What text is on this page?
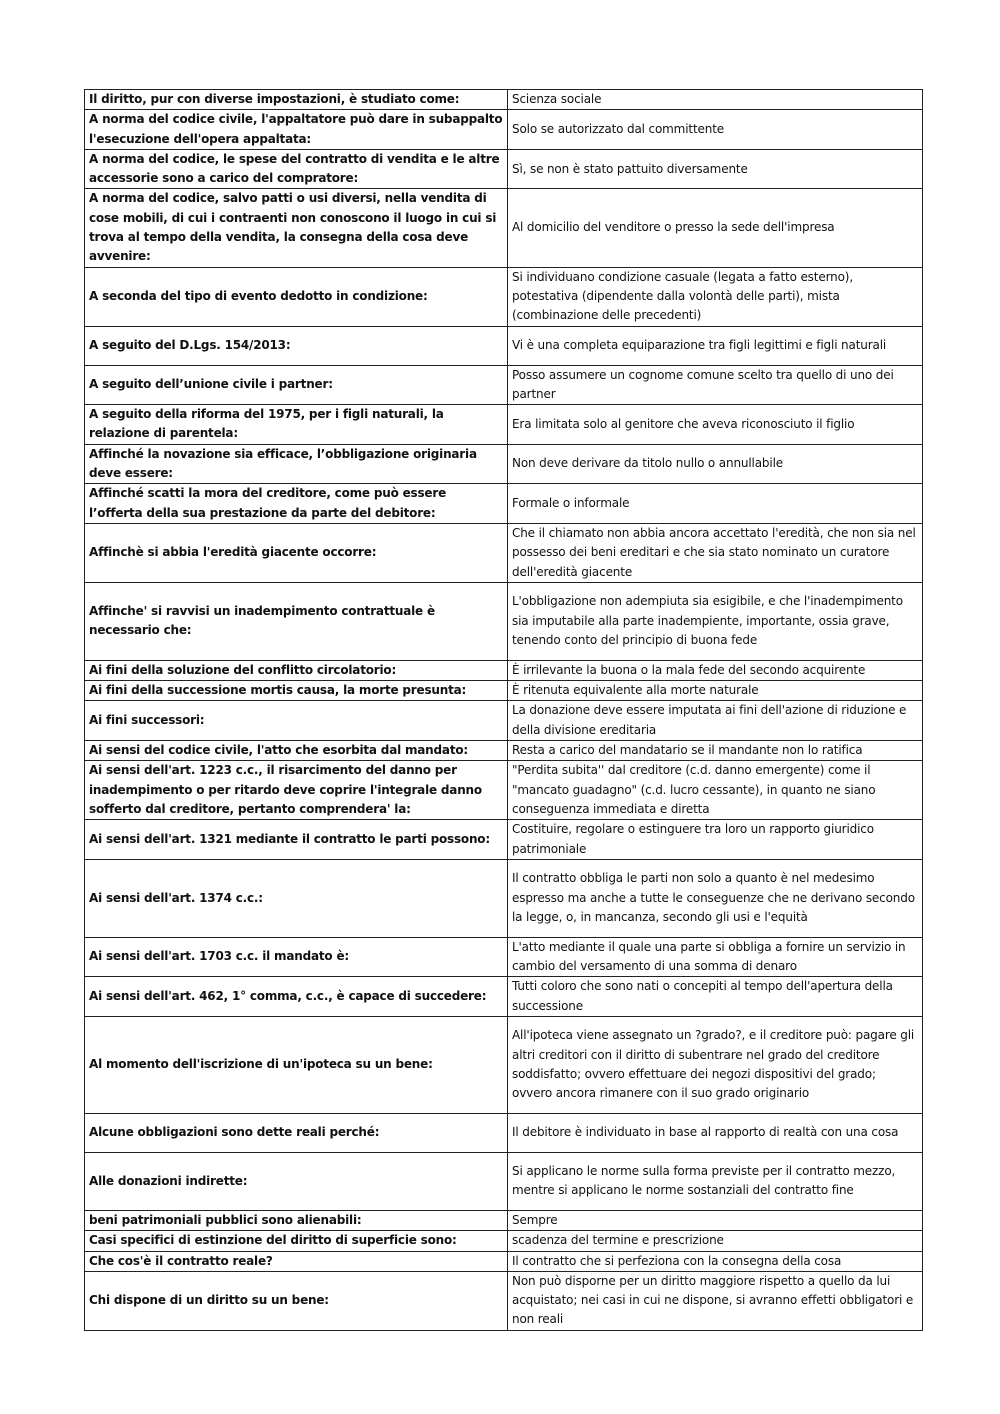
Il diritto, pur con diverse impostazioni, è studiato come:	Scienza sociale
A norma del codice civile, l'appaltatore può dare in subappalto l'esecuzione dell'opera appaltata:	Solo se autorizzato dal committente
A norma del codice, le spese del contratto di vendita e le altre accessorie sono a carico del compratore:	Sì, se non è stato pattuito diversamente
A norma del codice, salvo patti o usi diversi, nella vendita di cose mobili, di cui i contraenti non conoscono il luogo in cui si trova al tempo della vendita, la consegna della cosa deve avvenire:	Al domicilio del venditore o presso la sede dell'impresa
A seconda del tipo di evento dedotto in condizione:	Si individuano condizione casuale (legata a fatto esterno), potestativa (dipendente dalla volontà delle parti), mista (combinazione delle precedenti)
A seguito del D.Lgs. 154/2013:	Vi è una completa equiparazione tra figli legittimi e figli naturali
A seguito dell’unione civile i partner:	Posso assumere un cognome comune scelto tra quello di uno dei partner
A seguito della riforma del 1975, per i figli naturali, la relazione di parentela:	Era limitata solo al genitore che aveva riconosciuto il figlio
Affinché la novazione sia efficace, l’obbligazione originaria deve essere:	Non deve derivare da titolo nullo o annullabile
Affinché scatti la mora del creditore, come può essere l’offerta della sua prestazione da parte del debitore:	Formale o informale
Affinchè si abbia l'eredità giacente occorre:	Che il chiamato non abbia ancora accettato l'eredità, che non sia nel possesso dei beni ereditari e che sia stato nominato un curatore dell'eredità giacente
Affinche' si ravvisi un inadempimento contrattuale è necessario che:	L'obbligazione non adempiuta sia esigibile, e che l'inadempimento sia imputabile alla parte inadempiente, importante, ossia grave, tenendo conto del principio di buona fede
Ai fini della soluzione del conflitto circolatorio:	È irrilevante la buona o la mala fede del secondo acquirente
Ai fini della successione mortis causa, la morte presunta:	È ritenuta equivalente alla morte naturale
Ai fini successori:	La donazione deve essere imputata ai fini dell'azione di riduzione e della divisione ereditaria
Ai sensi del codice civile, l'atto che esorbita dal mandato:	Resta a carico del mandatario se il mandante non lo ratifica
Ai sensi dell'art. 1223 c.c., il risarcimento del danno per inadempimento o per ritardo deve coprire l'integrale danno sofferto dal creditore, pertanto comprendera' la:	"Perdita subita'' dal creditore (c.d. danno emergente) come il "mancato guadagno" (c.d. lucro cessante), in quanto ne siano conseguenza immediata e diretta
Ai sensi dell'art. 1321 mediante il contratto le parti possono:	Costituire, regolare o estinguere tra loro un rapporto giuridico patrimoniale
Ai sensi dell'art. 1374 c.c.:	Il contratto obbliga le parti non solo a quanto è nel medesimo espresso ma anche a tutte le conseguenze che ne derivano secondo la legge, o, in mancanza, secondo gli usi e l'equità
Ai sensi dell'art. 1703 c.c. il mandato è:	L'atto mediante il quale una parte si obbliga a fornire un servizio in cambio del versamento di una somma di denaro
Ai sensi dell'art. 462, 1° comma, c.c., è capace di succedere:	Tutti coloro che sono nati o concepiti al tempo dell'apertura della successione
Al momento dell'iscrizione di un'ipoteca su un bene:	All'ipoteca viene assegnato un ?grado?, e il creditore può: pagare gli altri creditori con il diritto di subentrare nel grado del creditore soddisfatto; ovvero effettuare dei negozi dispositivi del grado; ovvero ancora rimanere con il suo grado originario
Alcune obbligazioni sono dette reali perché:	Il debitore è individuato in base al rapporto di realtà con una cosa
Alle donazioni indirette:	Si applicano le norme sulla forma previste per il contratto mezzo, mentre si applicano le norme sostanziali del contratto fine
beni patrimoniali pubblici sono alienabili:	Sempre
Casi specifici di estinzione del diritto di superficie sono:	scadenza del termine e prescrizione
Che cos'è il contratto reale?	Il contratto che si perfeziona con la consegna della cosa
Chi dispone di un diritto su un bene:	Non può disporne per un diritto maggiore rispetto a quello da lui acquistato; nei casi in cui ne dispone, si avranno effetti obbligatori e non reali
